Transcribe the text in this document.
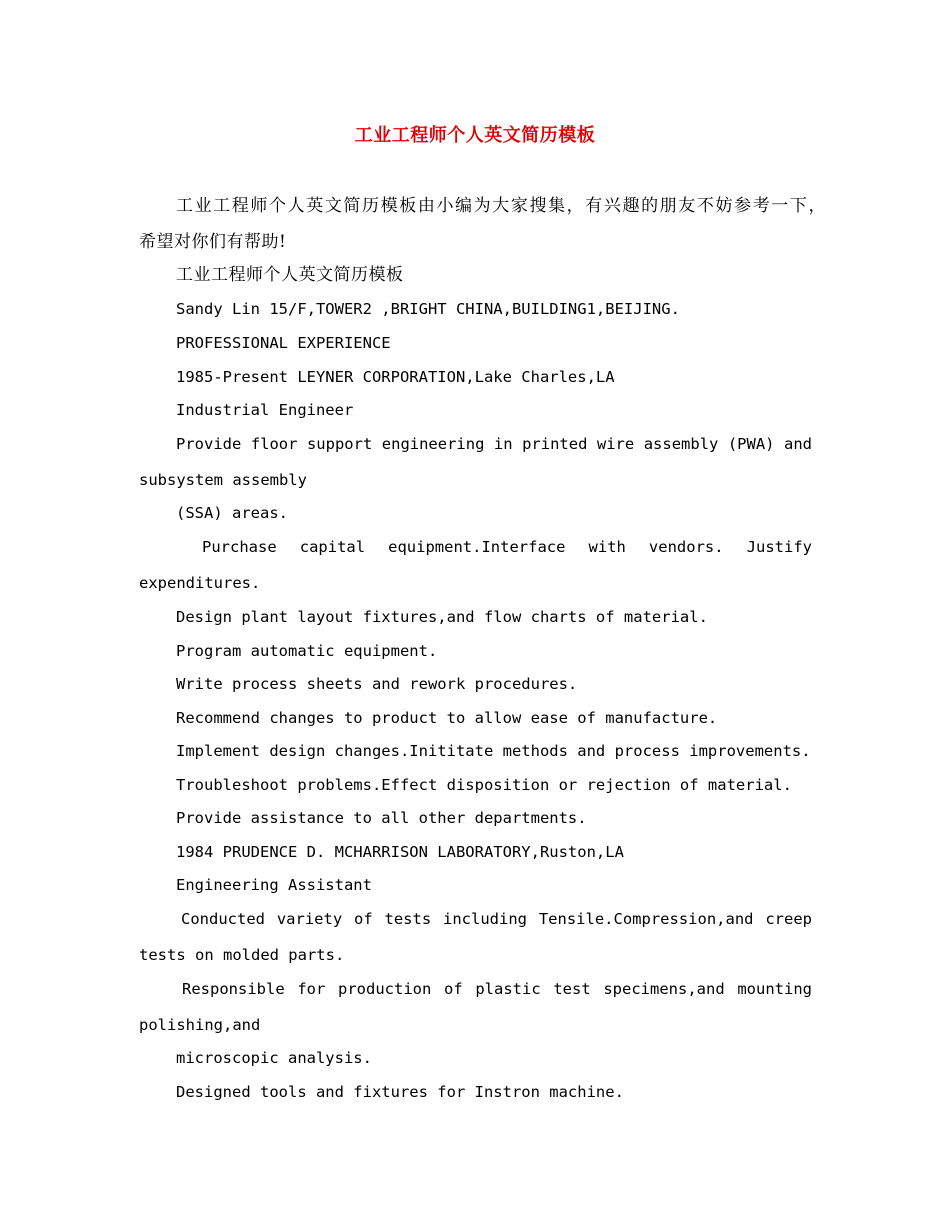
工业工程师个人英文简历模板

工业工程师个人英文简历模板由小编为大家搜集，有兴趣的朋友不妨参考一下，

希望对你们有帮助!

工业工程师个人英文简历模板

Sandy Lin 15/F,TOWER2 ,BRIGHT CHINA,BUILDING1,BEIJING.

PROFESSIONAL EXPERIENCE

1985-Present LEYNER CORPORATION,Lake Charles,LA

Industrial Engineer

Provide floor support engineering in printed wire assembly (PWA) and

subsystem assembly

(SSA) areas.

Purchase capital equipment.Interface with vendors. Justify

expenditures.

Design plant layout fixtures,and flow charts of material.

Program automatic equipment.

Write process sheets and rework procedures.

Recommend changes to product to allow ease of manufacture.

Implement design changes.Inititate methods and process improvements.

Troubleshoot problems.Effect disposition or rejection of material.

Provide assistance to all other departments.

1984 PRUDENCE D. MCHARRISON LABORATORY,Ruston,LA

Engineering Assistant

Conducted variety of tests including Tensile.Compression,and creep

tests on molded parts.

Responsible for production of plastic test specimens,and mounting

polishing,and

microscopic analysis.

Designed tools and fixtures for Instron machine.
